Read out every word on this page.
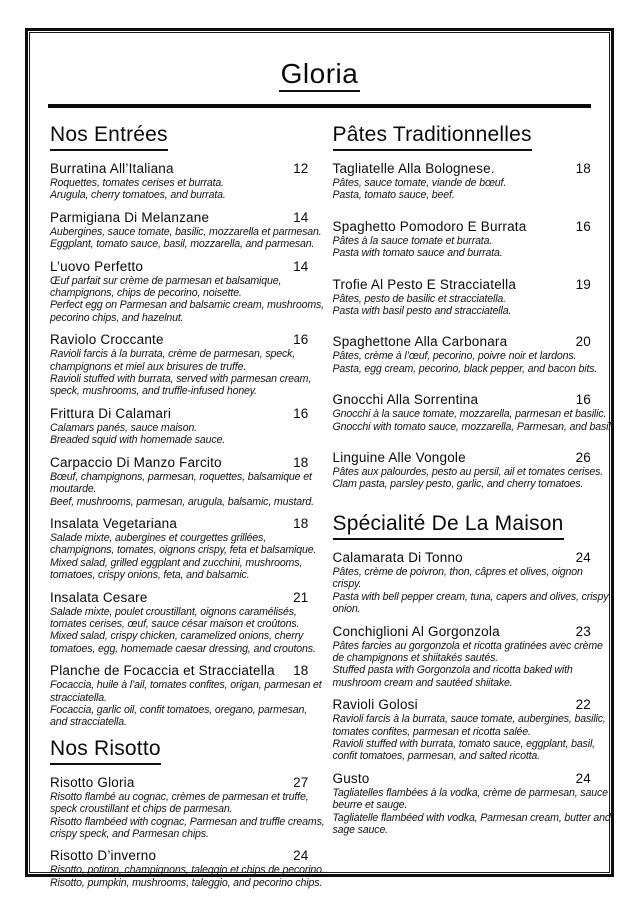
Gloria
Nos Entrées

Burratina All’Italiana	12
Roquettes, tomates cerises et burrata.
Arugula, cherry tomatoes, and burrata.
Parmigiana Di Melanzane	14
Aubergines, sauce tomate, basilic, mozzarella et parmesan.
Eggplant, tomato sauce, basil, mozzarella, and parmesan.
L’uovo Perfetto	14
Œuf parfait sur crème de parmesan et balsamique,
champignons, chips de pecorino, noisette.
Perfect egg on Parmesan and balsamic cream, mushrooms,
pecorino chips, and hazelnut.
Raviolo Croccante	16
Ravioli farcis à la burrata, crème de parmesan, speck,
champignons et miel aux brisures de truffe.
Ravioli stuffed with burrata, served with parmesan cream,
speck, mushrooms, and truffle-infused honey.
Frittura Di Calamari	16
Calamars panés, sauce maison.
Breaded squid with homemade sauce.
Carpaccio Di Manzo Farcito	18
Bœuf, champignons, parmesan, roquettes, balsamique et
moutarde.
Beef, mushrooms, parmesan, arugula, balsamic, mustard.
Insalata Vegetariana	18
Salade mixte, aubergines et courgettes grillées,
champignons, tomates, oignons crispy, feta et balsamique.
Mixed salad, grilled eggplant and zucchini, mushrooms,
tomatoes, crispy onions, feta, and balsamic.
Insalata Cesare	21
Salade mixte, poulet croustillant, oignons caramélisés,
tomates cerises, œuf, sauce césar maison et croûtons.
Mixed salad, crispy chicken, caramelized onions, cherry
tomatoes, egg, homemade caesar dressing, and croutons.
Planche de Focaccia et Stracciatella	18
Focaccia, huile à l’ail, tomates confites, origan, parmesan et
stracciatella.
Focaccia, garlic oil, confit tomatoes, oregano, parmesan,
and stracciatella.
Nos Risotto

Risotto Gloria	27
Risotto flambé au cognac, crèmes de parmesan et truffe,
speck croustillant et chips de parmesan.
Risotto flambéed with cognac, Parmesan and truffle creams,
crispy speck, and Parmesan chips.
Risotto D’inverno	24
Risotto, potiron, champignons, taleggio et chips de pecorino.
Risotto, pumpkin, mushrooms, taleggio, and pecorino chips.
Pâtes Traditionnelles

Tagliatelle Alla Bolognese.	18
Pâtes, sauce tomate, viande de bœuf.
Pasta, tomato sauce, beef.
Spaghetto Pomodoro E Burrata	16
Pâtes à la sauce tomate et burrata.
Pasta with tomato sauce and burrata.
Trofie Al Pesto E Stracciatella	19
Pâtes, pesto de basilic et stracciatella.
Pasta with basil pesto and stracciatella.
Spaghettone Alla Carbonara	20
Pâtes, crème à l’œuf, pecorino, poivre noir et lardons.
Pasta, egg cream, pecorino, black pepper, and bacon bits.
Gnocchi Alla Sorrentina	16
Gnocchi à la sauce tomate, mozzarella, parmesan et basilic.
Gnocchi with tomato sauce, mozzarella, Parmesan, and basil.
Linguine Alle Vongole	26
Pâtes aux palourdes, pesto au persil, ail et tomates cerises.
Clam pasta, parsley pesto, garlic, and cherry tomatoes.
Spécialité De La Maison

Calamarata Di Tonno	24
Pâtes, crème de poivron, thon, câpres et olives, oignon
crispy.
Pasta with bell pepper cream, tuna, capers and olives, crispy
onion.
Conchiglioni Al Gorgonzola	23
Pâtes farcies au gorgonzola et ricotta gratinées avec crème
de champignons et shiitakés sautés.
Stuffed pasta with Gorgonzola and ricotta baked with
mushroom cream and sautéed shiitake.
Ravioli Golosi	22
Ravioli farcis à la burrata, sauce tomate, aubergines, basilic,
tomates confites, parmesan et ricotta salée.
Ravioli stuffed with burrata, tomato sauce, eggplant, basil,
confit tomatoes, parmesan, and salted ricotta.
Gusto	24
Tagliatelles flambées à la vodka, crème de parmesan, sauce
beurre et sauge.
Tagliatelle flambéed with vodka, Parmesan cream, butter and
sage sauce.
